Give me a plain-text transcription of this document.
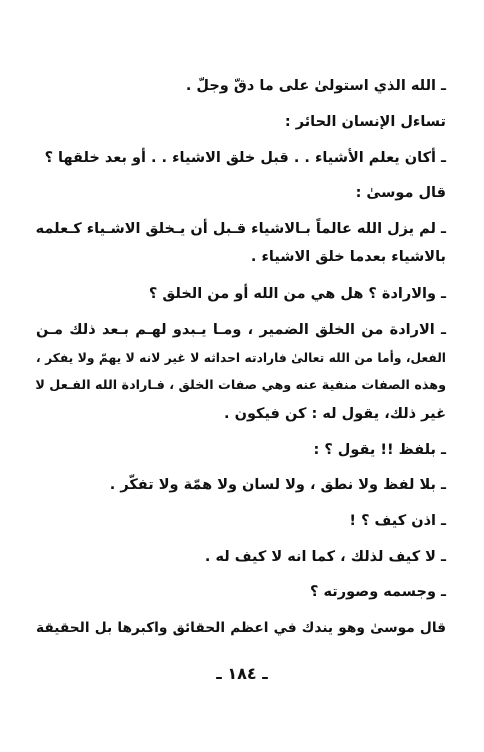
ـ الله الذي استولىٰ على ما دقّ وجلّ .
تساءل الإنسان الحائر :
ـ أكان يعلم الأشياء . . قبل خلق الاشياء . . أو بعد خلقها ؟
قال موسىٰ :
ـ لم يزل الله عالماً بـالاشياء قـبل أن يـخلق الاشـياء كـعلمه
بالاشياء بعدما خلق الاشياء .
ـ والارادة ؟ هل هي من الله أو من الخلق ؟
ـ الارادة من الخلق الضمير ، ومـا يـبدو لهـم بـعد ذلك مـن
الفعل، وأما من الله تعالىٰ فارادته احداثه لا غير لانه لا يهمّ ولا يفكر ،
وهذه الصفات منفية عنه وهي صفات الخلق ، فـارادة الله الفـعل لا
غير ذلك، يقول له : كن فيكون .
ـ بلفظ !! يقول ؟ :
ـ بلا لفظ ولا نطق ، ولا لسان ولا همّة ولا تفكّر .
ـ اذن كيف ؟ !
ـ لا كيف لذلك ، كما انه لا كيف له .
ـ وجسمه وصورته ؟
قال موسىٰ وهو يندك في اعظم الحقائق واكبرها بل الحقيقة
ـ ١٨٤ ـ
